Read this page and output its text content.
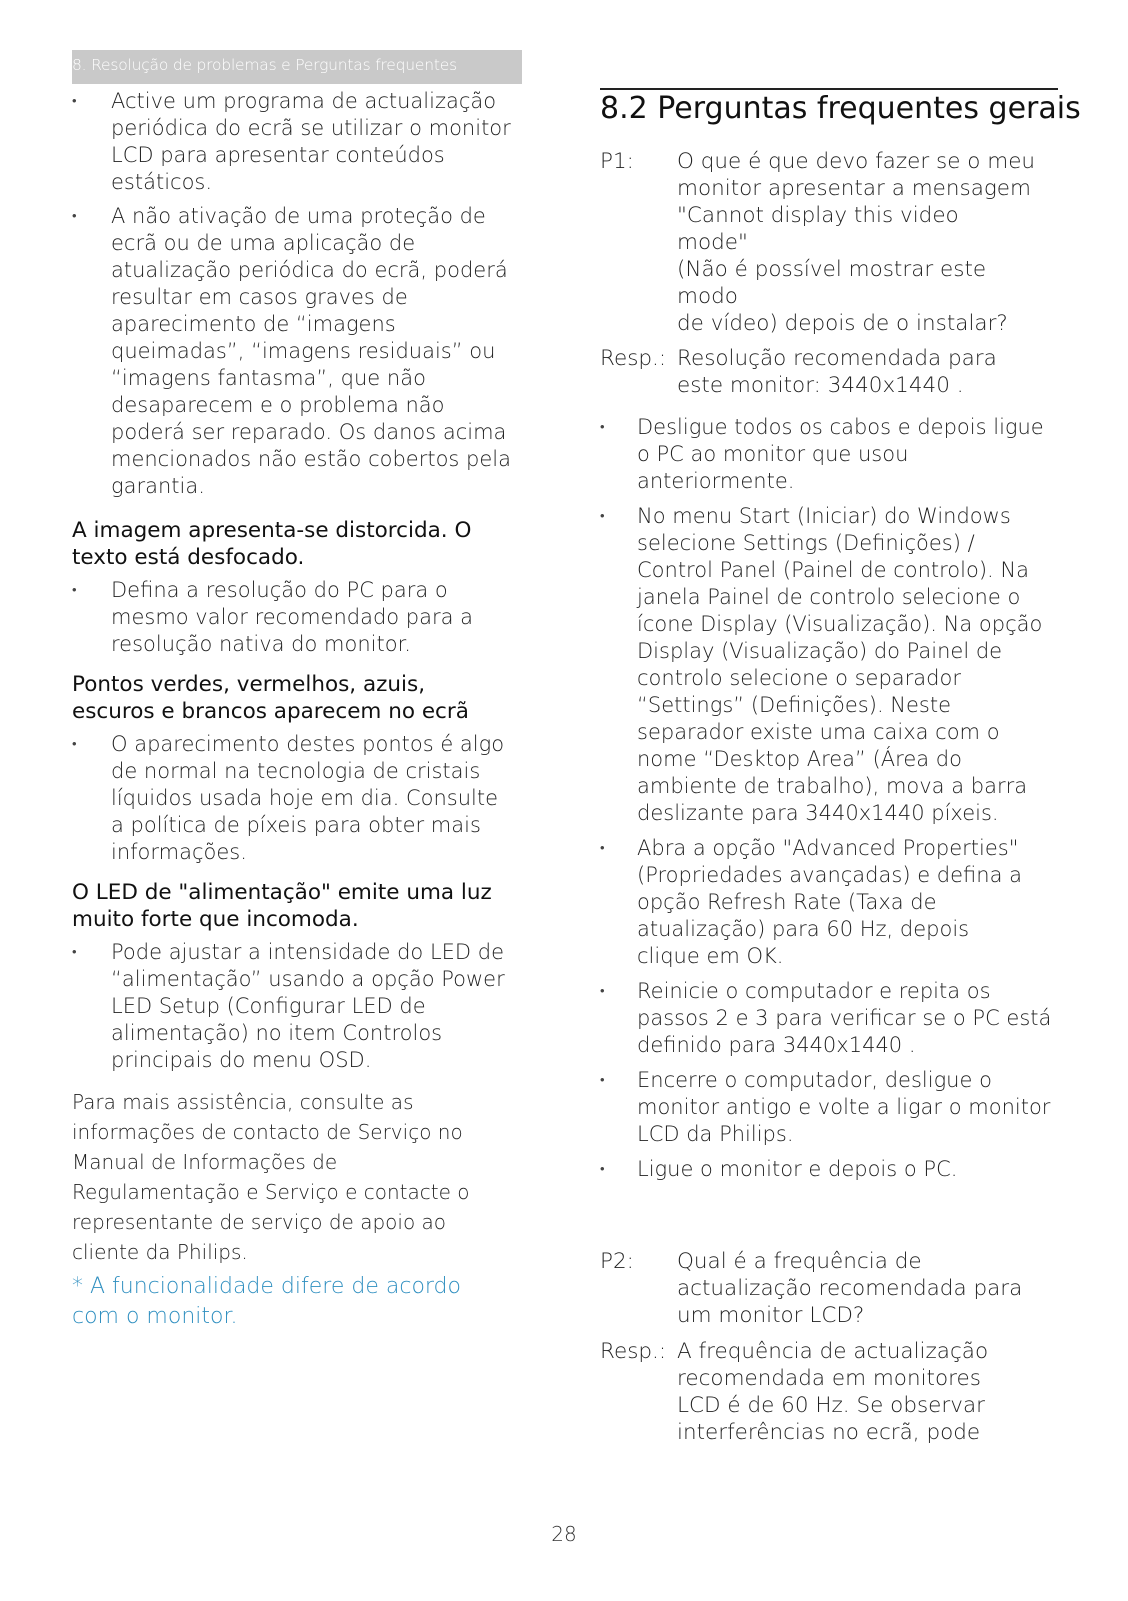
8. Resolução de problemas e Perguntas frequentes
• Active um programa de actualização periódica do ecrã se utilizar o monitor LCD para apresentar conteúdos estáticos.
• A não ativação de uma proteção de ecrã ou de uma aplicação de atualização periódica do ecrã, poderá resultar em casos graves de aparecimento de “imagens queimadas”, “imagens residuais” ou “imagens fantasma”, que não desaparecem e o problema não poderá ser reparado. Os danos acima mencionados não estão cobertos pela garantia.

A imagem apresenta-se distorcida. O texto está desfocado.

• Defina a resolução do PC para o mesmo valor recomendado para a resolução nativa do monitor.

Pontos verdes, vermelhos, azuis, escuros e brancos aparecem no ecrã

• O aparecimento destes pontos é algo de normal na tecnologia de cristais líquidos usada hoje em dia. Consulte a política de píxeis para obter mais informações.

O LED de "alimentação" emite uma luz muito forte que incomoda.

• Pode ajustar a intensidade do LED de “alimentação” usando a opção Power LED Setup (Configurar LED de alimentação) no item Controlos principais do menu OSD.

Para mais assistência, consulte as informações de contacto de Serviço no Manual de Informações de Regulamentação e Serviço e contacte o representante de serviço de apoio ao cliente da Philips.

* A funcionalidade difere de acordo com o monitor.

8.2 Perguntas frequentes gerais
P1: O que é que devo fazer se o meu
monitor apresentar a mensagem
"Cannot display this video
mode"
(Não é possível mostrar este
modo
de vídeo) depois de o instalar?
Resp.: Resolução recomendada para
este monitor: 3440x1440 .
• Desligue todos os cabos e depois ligue o PC ao monitor que usou anteriormente.
• No menu Start (Iniciar) do Windows selecione Settings (Definições) / Control Panel (Painel de controlo). Na janela Painel de controlo selecione o ícone Display (Visualização). Na opção Display (Visualização) do Painel de controlo selecione o separador “Settings” (Definições). Neste separador existe uma caixa com o nome “Desktop Area” (Área do ambiente de trabalho), mova a barra deslizante para 3440x1440 píxeis.
• Abra a opção "Advanced Properties" (Propriedades avançadas) e defina a opção Refresh Rate (Taxa de atualização) para 60 Hz, depois clique em OK.
• Reinicie o computador e repita os passos 2 e 3 para verificar se o PC está definido para 3440x1440 .
• Encerre o computador, desligue o monitor antigo e volte a ligar o monitor LCD da Philips.
• Ligue o monitor e depois o PC.
P2: Qual é a frequência de
actualização recomendada para
um monitor LCD?
Resp.: A frequência de actualização
recomendada em monitores
LCD é de 60 Hz. Se observar
interferências no ecrã, pode
28
